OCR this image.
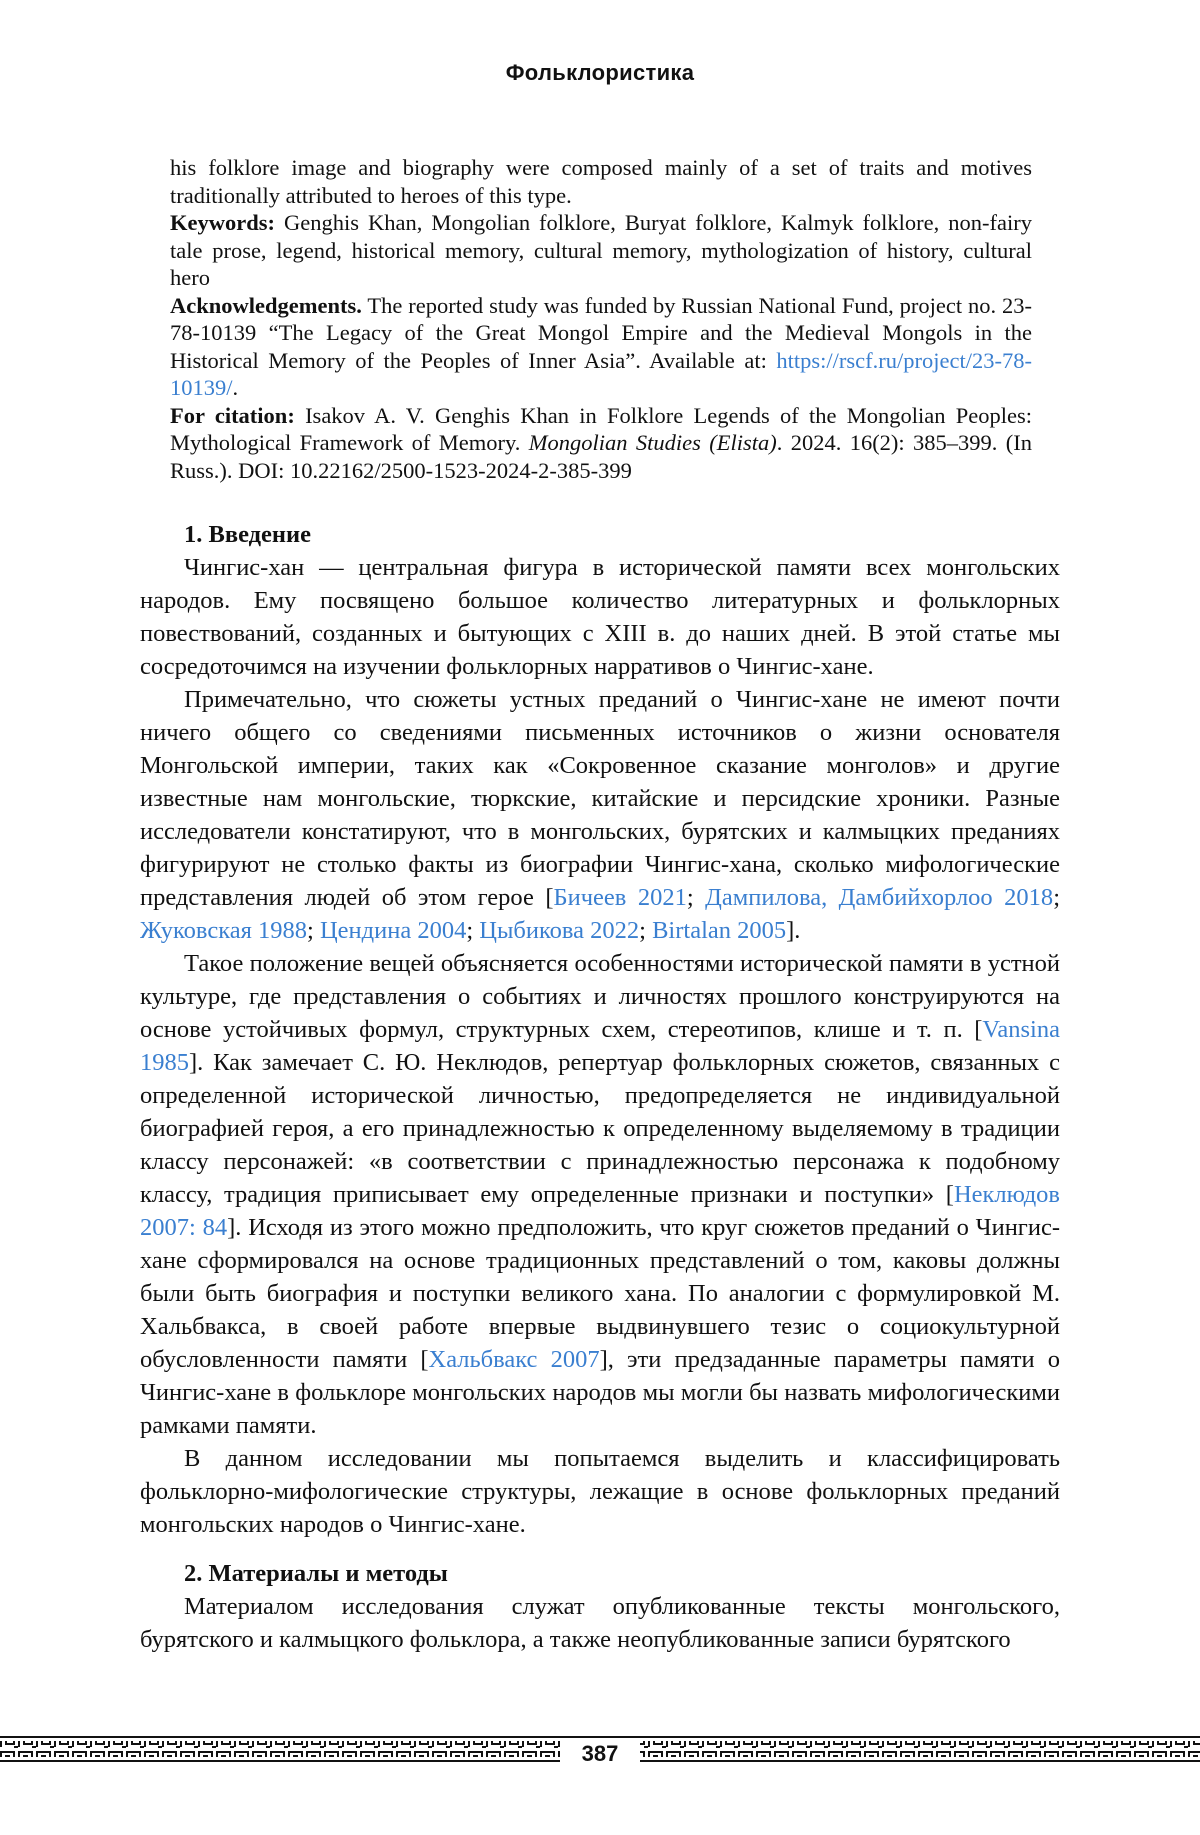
Фольклористика

his folklore image and biography were composed mainly of a set of traits and motives traditionally attributed to heroes of this type.

Keywords: Genghis Khan, Mongolian folklore, Buryat folklore, Kalmyk folklore, non-fairy tale prose, legend, historical memory, cultural memory, mythologization of history, cultural hero

Acknowledgements. The reported study was funded by Russian National Fund, project no. 23-78-10139 “The Legacy of the Great Mongol Empire and the Medieval Mongols in the Historical Memory of the Peoples of Inner Asia”. Available at: https://rscf.ru/project/23-78-10139/.

For citation: Isakov A. V. Genghis Khan in Folklore Legends of the Mongolian Peoples: Mythological Framework of Memory. Mongolian Studies (Elista). 2024. 16(2): 385–399. (In Russ.). DOI: 10.22162/2500-1523-2024-2-385-399

1. Введение

Чингис-хан — центральная фигура в исторической памяти всех монгольских народов. Ему посвящено большое количество литературных и фольклорных повествований, созданных и бытующих с XIII в. до наших дней. В этой статье мы сосредоточимся на изучении фольклорных нарративов о Чингис-хане.

Примечательно, что сюжеты устных преданий о Чингис-хане не имеют почти ничего общего со сведениями письменных источников о жизни основателя Монгольской империи, таких как «Сокровенное сказание монголов» и другие известные нам монгольские, тюркские, китайские и персидские хроники. Разные исследователи констатируют, что в монгольских, бурятских и калмыцких преданиях фигурируют не столько факты из биографии Чингис-хана, сколько мифологические представления людей об этом герое [Бичеев 2021; Дампилова, Дамбийхорлоо 2018; Жуковская 1988; Цендина 2004; Цыбикова 2022; Birtalan 2005].

Такое положение вещей объясняется особенностями исторической памяти в устной культуре, где представления о событиях и личностях прошлого конструируются на основе устойчивых формул, структурных схем, стереотипов, клише и т. п. [Vansina 1985]. Как замечает С. Ю. Неклюдов, репертуар фольклорных сюжетов, связанных с определенной исторической личностью, предопределяется не индивидуальной биографией героя, а его принадлежностью к определенному выделяемому в традиции классу персонажей: «в соответствии с принадлежностью персонажа к подобному классу, традиция приписывает ему определенные признаки и поступки» [Неклюдов 2007: 84]. Исходя из этого можно предположить, что круг сюжетов преданий о Чингис-хане сформировался на основе традиционных представлений о том, каковы должны были быть биография и поступки великого хана. По аналогии с формулировкой М. Хальбвакса, в своей работе впервые выдвинувшего тезис о социокультурной обусловленности памяти [Хальбвакс 2007], эти предзаданные параметры памяти о Чингис-хане в фольклоре монгольских народов мы могли бы назвать мифологическими рамками памяти.

В данном исследовании мы попытаемся выделить и классифицировать фольклорно-мифологические структуры, лежащие в основе фольклорных преданий монгольских народов о Чингис-хане.

2. Материалы и методы

Материалом исследования служат опубликованные тексты монгольского, бурятского и калмыцкого фольклора, а также неопубликованные записи бурятского

387
